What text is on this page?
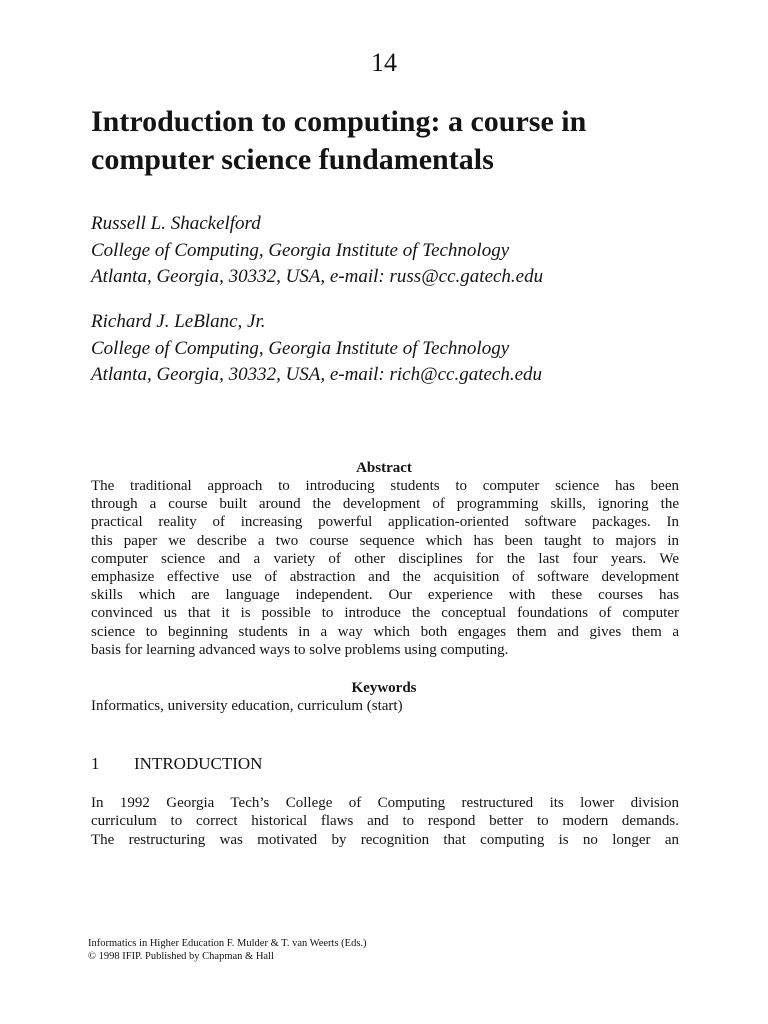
14
Introduction to computing: a course in
computer science fundamentals
Russell L. Shackelford
College of Computing, Georgia Institute of Technology
Atlanta, Georgia, 30332, USA, e-mail: russ@cc.gatech.edu
Richard J. LeBlanc, Jr.
College of Computing, Georgia Institute of Technology
Atlanta, Georgia, 30332, USA, e-mail: rich@cc.gatech.edu
Abstract
The traditional approach to introducing students to computer science has been
through a course built around the development of programming skills, ignoring the
practical reality of increasing powerful application-oriented software packages. In
this paper we describe a two course sequence which has been taught to majors in
computer science and a variety of other disciplines for the last four years. We
emphasize effective use of abstraction and the acquisition of software development
skills which are language independent. Our experience with these courses has
convinced us that it is possible to introduce the conceptual foundations of computer
science to beginning students in a way which both engages them and gives them a
basis for learning advanced ways to solve problems using computing.
Keywords
Informatics, university education, curriculum (start)
1 INTRODUCTION
In 1992 Georgia Tech’s College of Computing restructured its lower division
curriculum to correct historical flaws and to respond better to modern demands.
The restructuring was motivated by recognition that computing is no longer an
Informatics in Higher Education F. Mulder & T. van Weerts (Eds.)
© 1998 IFIP. Published by Chapman & Hall
